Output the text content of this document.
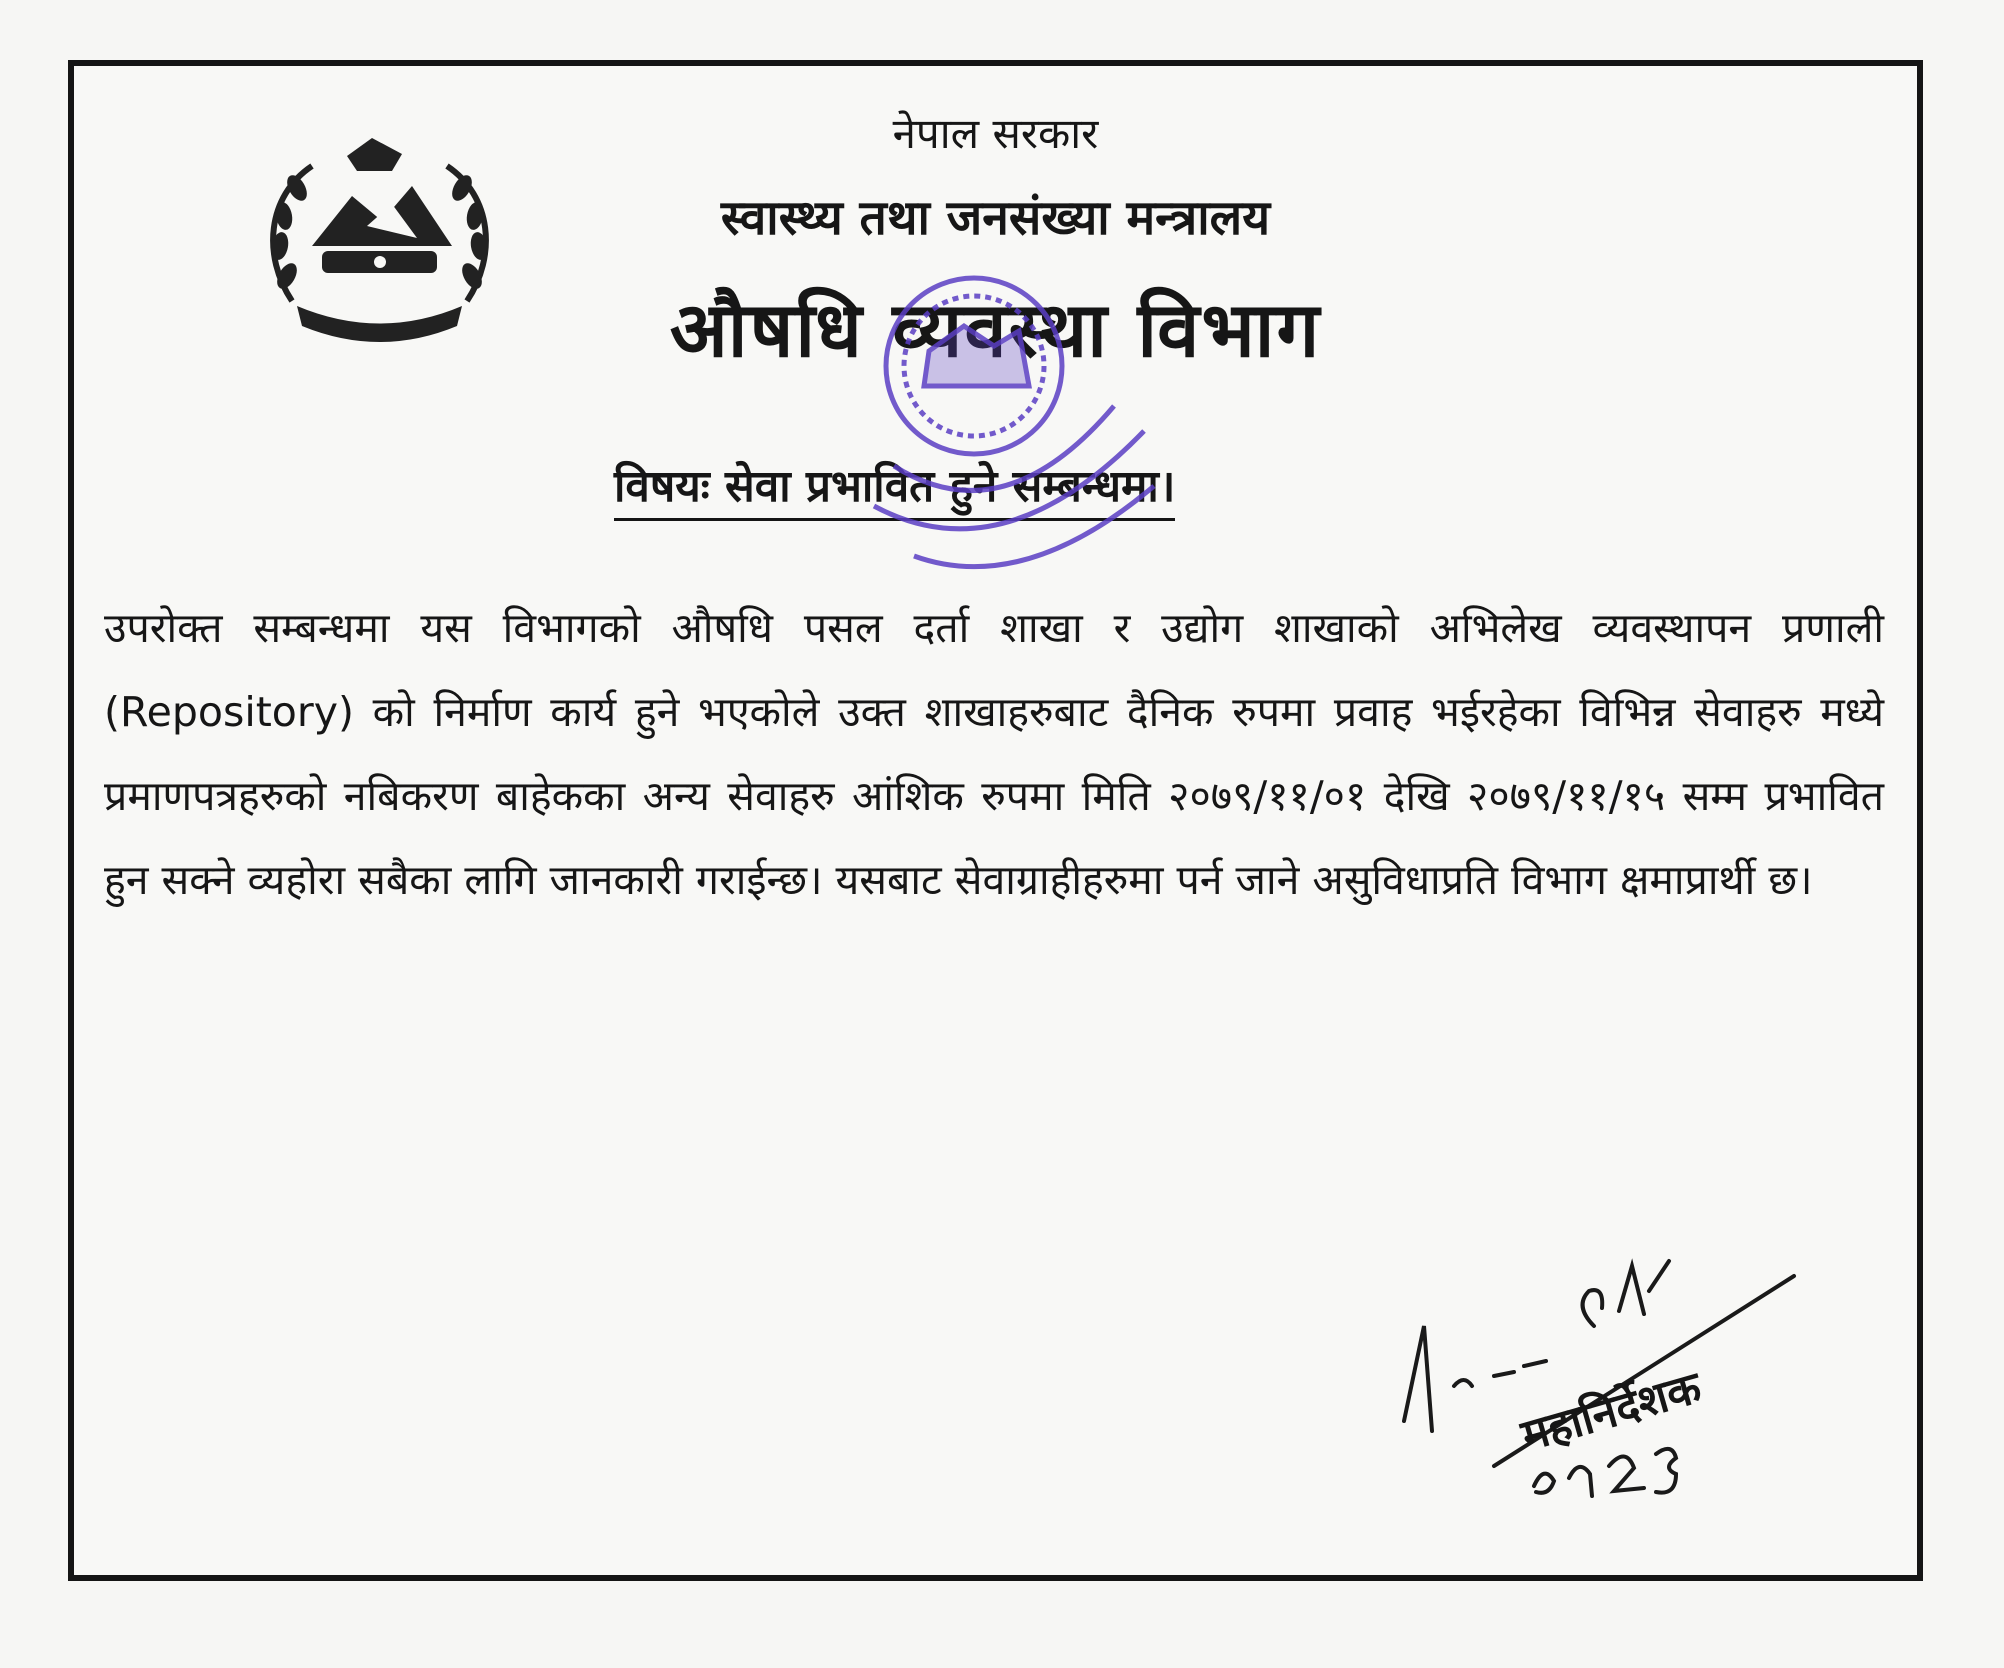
नेपाल सरकार
स्वास्थ्य तथा जनसंख्या मन्त्रालय
औषधि व्यवस्था विभाग
विषयः सेवा प्रभावित हुने सम्बन्धमा।
उपरोक्त सम्बन्धमा यस विभागको औषधि पसल दर्ता शाखा र उद्योग शाखाको अभिलेख व्यवस्थापन प्रणाली (Repository) को निर्माण कार्य हुने भएकोले उक्त शाखाहरुबाट दैनिक रुपमा प्रवाह भईरहेका विभिन्न सेवाहरु मध्ये प्रमाणपत्रहरुको नबिकरण बाहेकका अन्य सेवाहरु आंशिक रुपमा मिति २०७९/११/०१ देखि २०७९/११/१५ सम्म प्रभावित हुन सक्ने व्यहोरा सबैका लागि जानकारी गराईन्छ। यसबाट सेवाग्राहीहरुमा पर्न जाने असुविधाप्रति विभाग क्षमाप्रार्थी छ।
महानिर्देशक
